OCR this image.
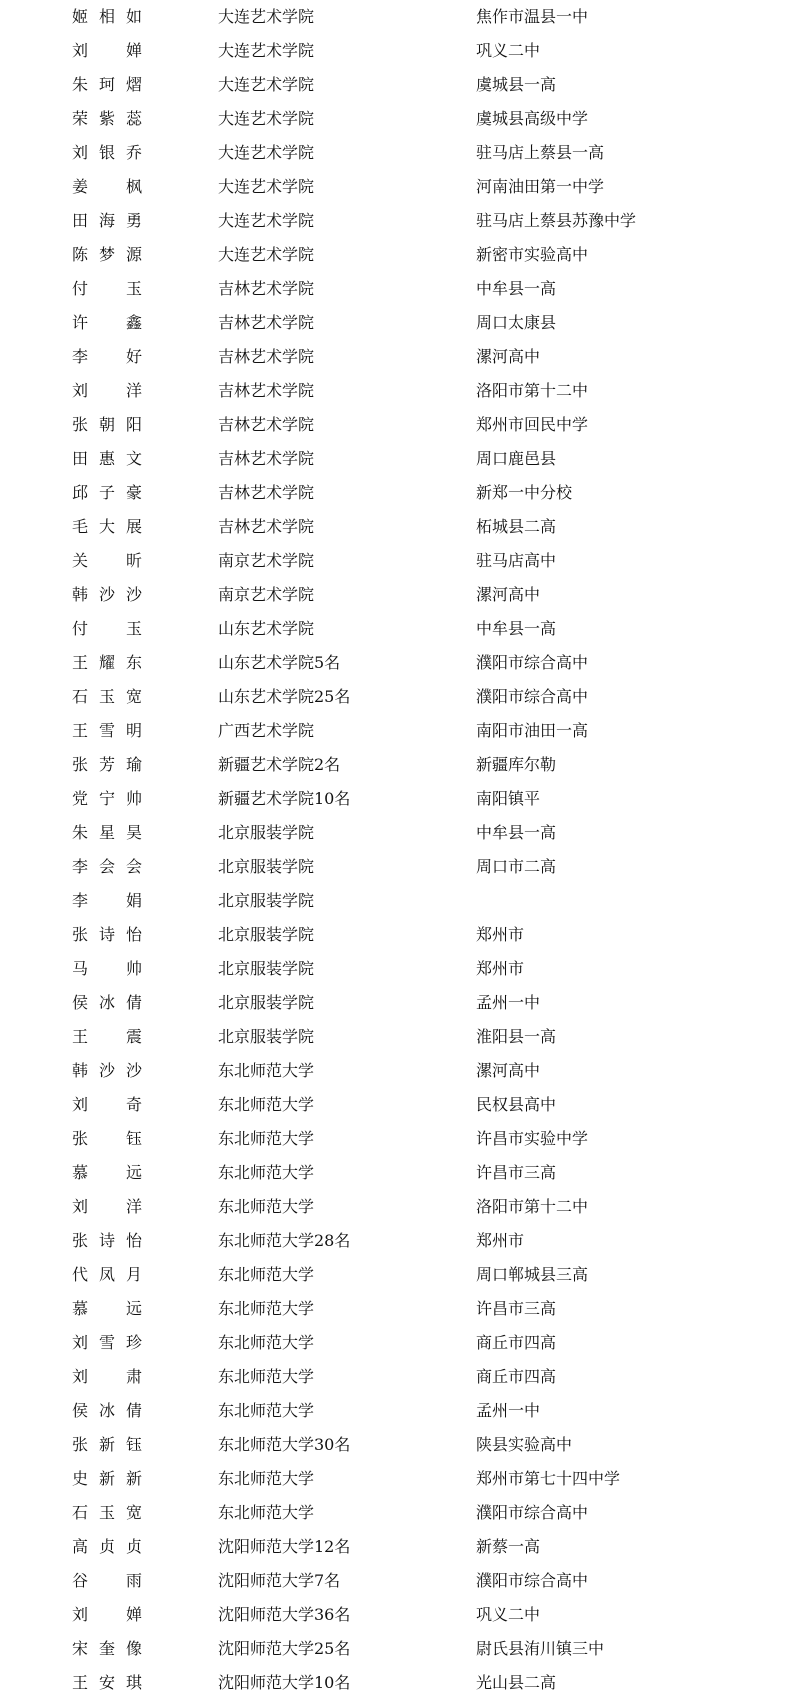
姬相如	大连艺术学院	焦作市温县一中
刘　婵	大连艺术学院	巩义二中
朱珂熠	大连艺术学院	虞城县一高
荣紫蕊	大连艺术学院	虞城县高级中学
刘银乔	大连艺术学院	驻马店上蔡县一高
姜　枫	大连艺术学院	河南油田第一中学
田海勇	大连艺术学院	驻马店上蔡县苏豫中学
陈梦源	大连艺术学院	新密市实验高中
付　玉	吉林艺术学院	中牟县一高
许　鑫	吉林艺术学院	周口太康县
李　好	吉林艺术学院	漯河高中
刘　洋	吉林艺术学院	洛阳市第十二中
张朝阳	吉林艺术学院	郑州市回民中学
田惠文	吉林艺术学院	周口鹿邑县
邱子豪	吉林艺术学院	新郑一中分校
毛大展	吉林艺术学院	柘城县二高
关　昕	南京艺术学院	驻马店高中
韩沙沙	南京艺术学院	漯河高中
付　玉	山东艺术学院	中牟县一高
王耀东	山东艺术学院5名	濮阳市综合高中
石玉宽	山东艺术学院25名	濮阳市综合高中
王雪明	广西艺术学院	南阳市油田一高
张芳瑜	新疆艺术学院2名	新疆库尔勒
党宁帅	新疆艺术学院10名	南阳镇平
朱星昊	北京服装学院	中牟县一高
李会会	北京服装学院	周口市二高
李　娟	北京服装学院
张诗怡	北京服装学院	郑州市
马　帅	北京服装学院	郑州市
侯冰倩	北京服装学院	孟州一中
王　震	北京服装学院	淮阳县一高
韩沙沙	东北师范大学	漯河高中
刘　奇	东北师范大学	民权县高中
张　钰	东北师范大学	许昌市实验中学
慕　远	东北师范大学	许昌市三高
刘　洋	东北师范大学	洛阳市第十二中
张诗怡	东北师范大学28名	郑州市
代凤月	东北师范大学	周口郸城县三高
慕　远	东北师范大学	许昌市三高
刘雪珍	东北师范大学	商丘市四高
刘　肃	东北师范大学	商丘市四高
侯冰倩	东北师范大学	孟州一中
张新钰	东北师范大学30名	陕县实验高中
史新新	东北师范大学	郑州市第七十四中学
石玉宽	东北师范大学	濮阳市综合高中
高贞贞	沈阳师范大学12名	新蔡一高
谷　雨	沈阳师范大学7名	濮阳市综合高中
刘　婵	沈阳师范大学36名	巩义二中
宋奎像	沈阳师范大学25名	尉氏县洧川镇三中
王安琪	沈阳师范大学10名	光山县二高
